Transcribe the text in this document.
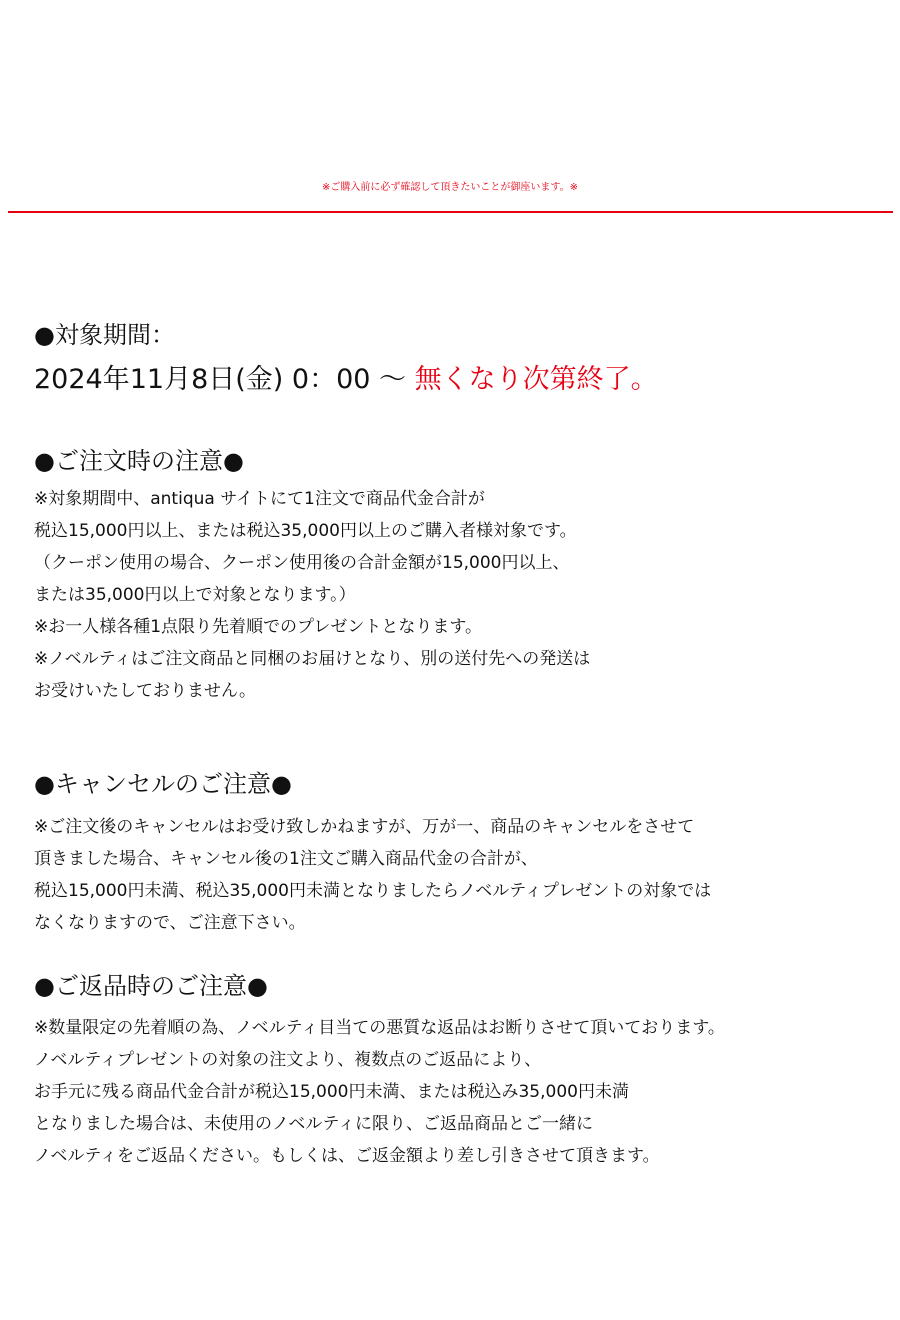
※ご購入前に必ず確認して頂きたいことが御座います。※
●対象期間：
2024年11月8日(金) 0：00 〜 無くなり次第終了。
●ご注文時の注意●
※対象期間中、antiqua サイトにて1注文で商品代金合計が
税込15,000円以上、または税込35,000円以上のご購入者様対象です。
（クーポン使用の場合、クーポン使用後の合計金額が15,000円以上、
または35,000円以上で対象となります。）
※お一人様各種1点限り先着順でのプレゼントとなります。
※ノベルティはご注文商品と同梱のお届けとなり、別の送付先への発送は
お受けいたしておりません。
●キャンセルのご注意●
※ご注文後のキャンセルはお受け致しかねますが、万が一、商品のキャンセルをさせて
頂きました場合、キャンセル後の1注文ご購入商品代金の合計が、
税込15,000円未満、税込35,000円未満となりましたらノベルティプレゼントの対象では
なくなりますので、ご注意下さい。
●ご返品時のご注意●
※数量限定の先着順の為、ノベルティ目当ての悪質な返品はお断りさせて頂いております。
ノベルティプレゼントの対象の注文より、複数点のご返品により、
お手元に残る商品代金合計が税込15,000円未満、または税込み35,000円未満
となりました場合は、未使用のノベルティに限り、ご返品商品とご一緒に
ノベルティをご返品ください。もしくは、ご返金額より差し引きさせて頂きます。
